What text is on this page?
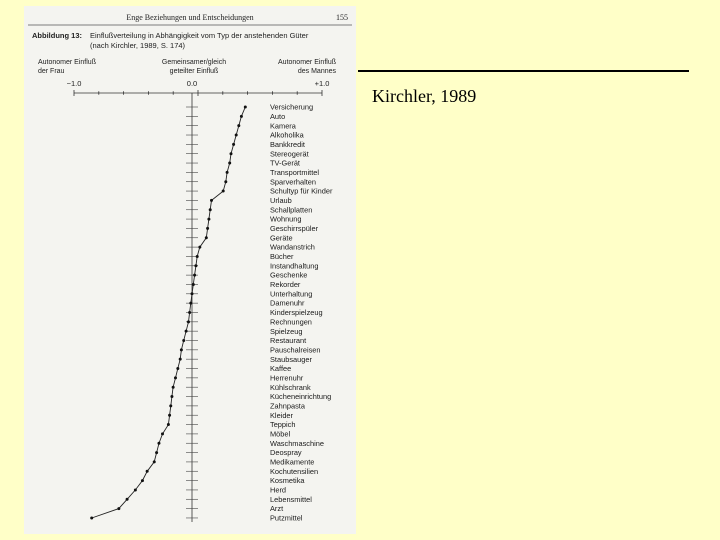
Enge Beziehungen und Entscheidungen	155
Abbildung 13: Einflußverteilung in Abhängigkeit vom Typ der anstehenden Güter
(nach Kirchler, 1989, S. 174)
Autonomer Einfluß
der Frau
Gemeinsamer/gleich
geteilter Einfluß
Autonomer Einfluß
des Mannes
−1.0	0.0	+1.0
Versicherung
Auto
Kamera
Alkoholika
Bankkredit
Stereogerät
TV-Gerät
Transportmittel
Sparverhalten
Schultyp für Kinder
Urlaub
Schallplatten
Wohnung
Geschirrspüler
Geräte
Wandanstrich
Bücher
Instandhaltung
Geschenke
Rekorder
Unterhaltung
Damenuhr
Kinderspielzeug
Rechnungen
Spielzeug
Restaurant
Pauschalreisen
Staubsauger
Kaffee
Herrenuhr
Kühlschrank
Kücheneinrichtung
Zahnpasta
Kleider
Teppich
Möbel
Waschmaschine
Deospray
Medikamente
Kochutensilien
Kosmetika
Herd
Lebensmittel
Arzt
Putzmittel
Kirchler, 1989
